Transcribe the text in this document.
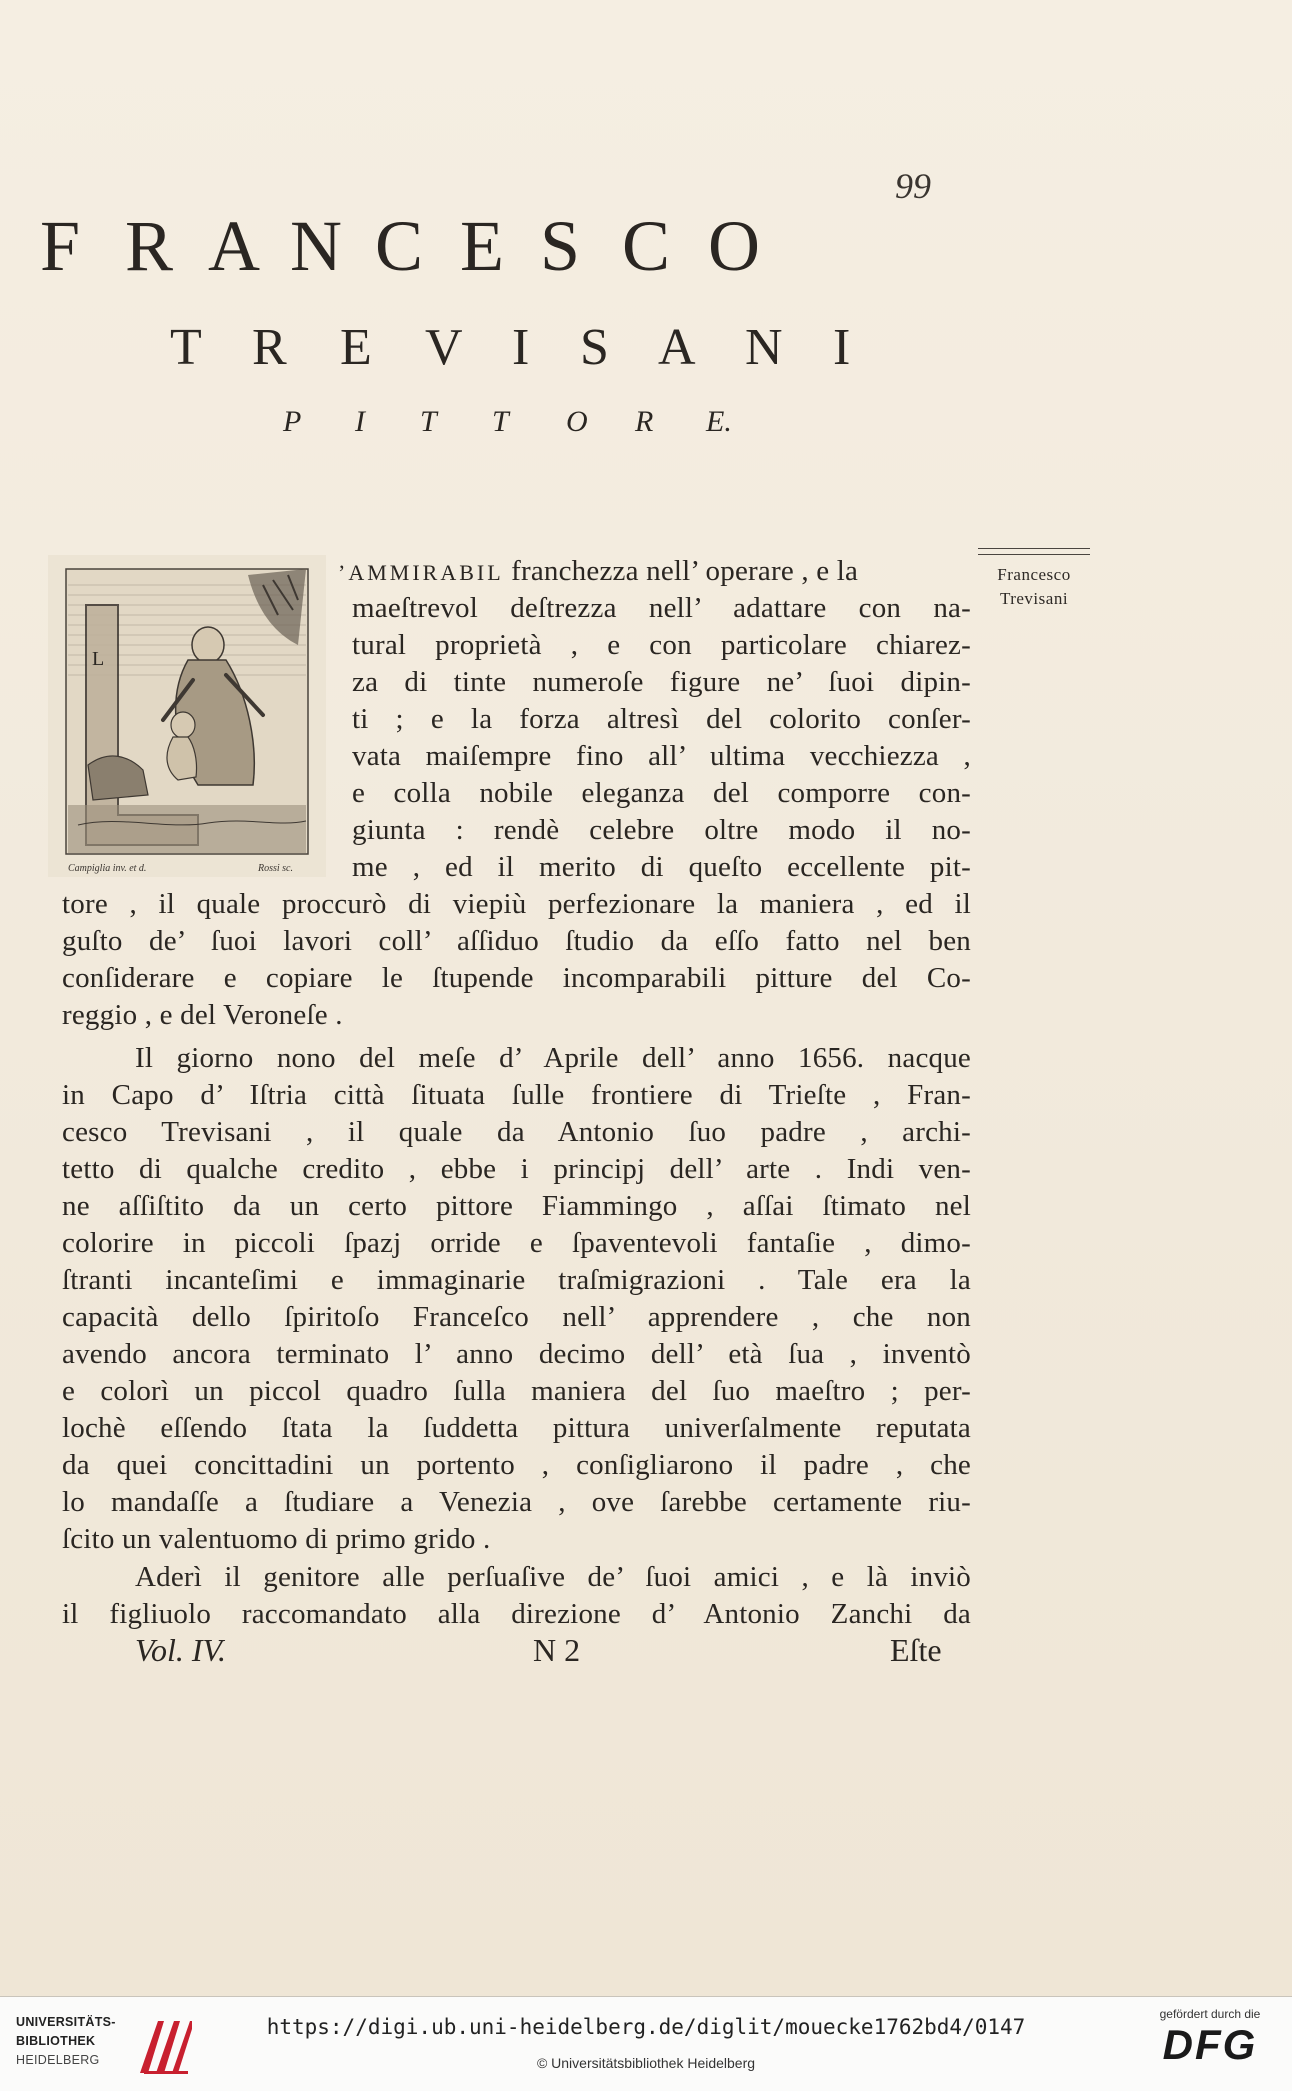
99
F R A N C E S C O
T R E V I S A N I
P I T T O R E.
L
Campiglia inv. et d.	Rossi sc.
Francesco
Trevisani
’AMMIRABIL franchezza nell’ operare , e la
maeſtrevol deſtrezza nell’ adattare con na-
tural proprietà , e con particolare chiarez-
za di tinte numeroſe figure ne’ ſuoi dipin-
ti ; e la forza altresì del colorito conſer-
vata maiſempre fino all’ ultima vecchiezza ,
e colla nobile eleganza del comporre con-
giunta : rendè celebre oltre modo il no-
me , ed il merito di queſto eccellente pit-
tore , il quale proccurò di viepiù perfezionare la maniera , ed il
guſto de’ ſuoi lavori coll’ aſſiduo ſtudio da eſſo fatto nel ben
conſiderare e copiare le ſtupende incomparabili pitture del Co-
reggio , e del Veroneſe .
Il giorno nono del meſe d’ Aprile dell’ anno 1656. nacque
in Capo d’ Iſtria città ſituata ſulle frontiere di Trieſte , Fran-
cesco Trevisani , il quale da Antonio ſuo padre , archi-
tetto di qualche credito , ebbe i principj dell’ arte . Indi ven-
ne aſſiſtito da un certo pittore Fiammingo , aſſai ſtimato nel
colorire in piccoli ſpazj orride e ſpaventevoli fantaſie , dimo-
ſtranti incanteſimi e immaginarie traſmigrazioni . Tale era la
capacità dello ſpiritoſo Franceſco nell’ apprendere , che non
avendo ancora terminato l’ anno decimo dell’ età ſua , inventò
e colorì un piccol quadro ſulla maniera del ſuo maeſtro ; per-
lochè eſſendo ſtata la ſuddetta pittura univerſalmente reputata
da quei concittadini un portento , conſigliarono il padre , che
lo mandaſſe a ſtudiare a Venezia , ove ſarebbe certamente riu-
ſcito un valentuomo di primo grido .
Aderì il genitore alle perſuaſive de’ ſuoi amici , e là inviò
il figliuolo raccomandato alla direzione d’ Antonio Zanchi da
Vol. IV.	N 2	Eſte
UNIVERSITÄTS-
BIBLIOTHEK
HEIDELBERG
https://digi.ub.uni-heidelberg.de/diglit/mouecke1762bd4/0147
© Universitätsbibliothek Heidelberg
gefördert durch die
DFG
